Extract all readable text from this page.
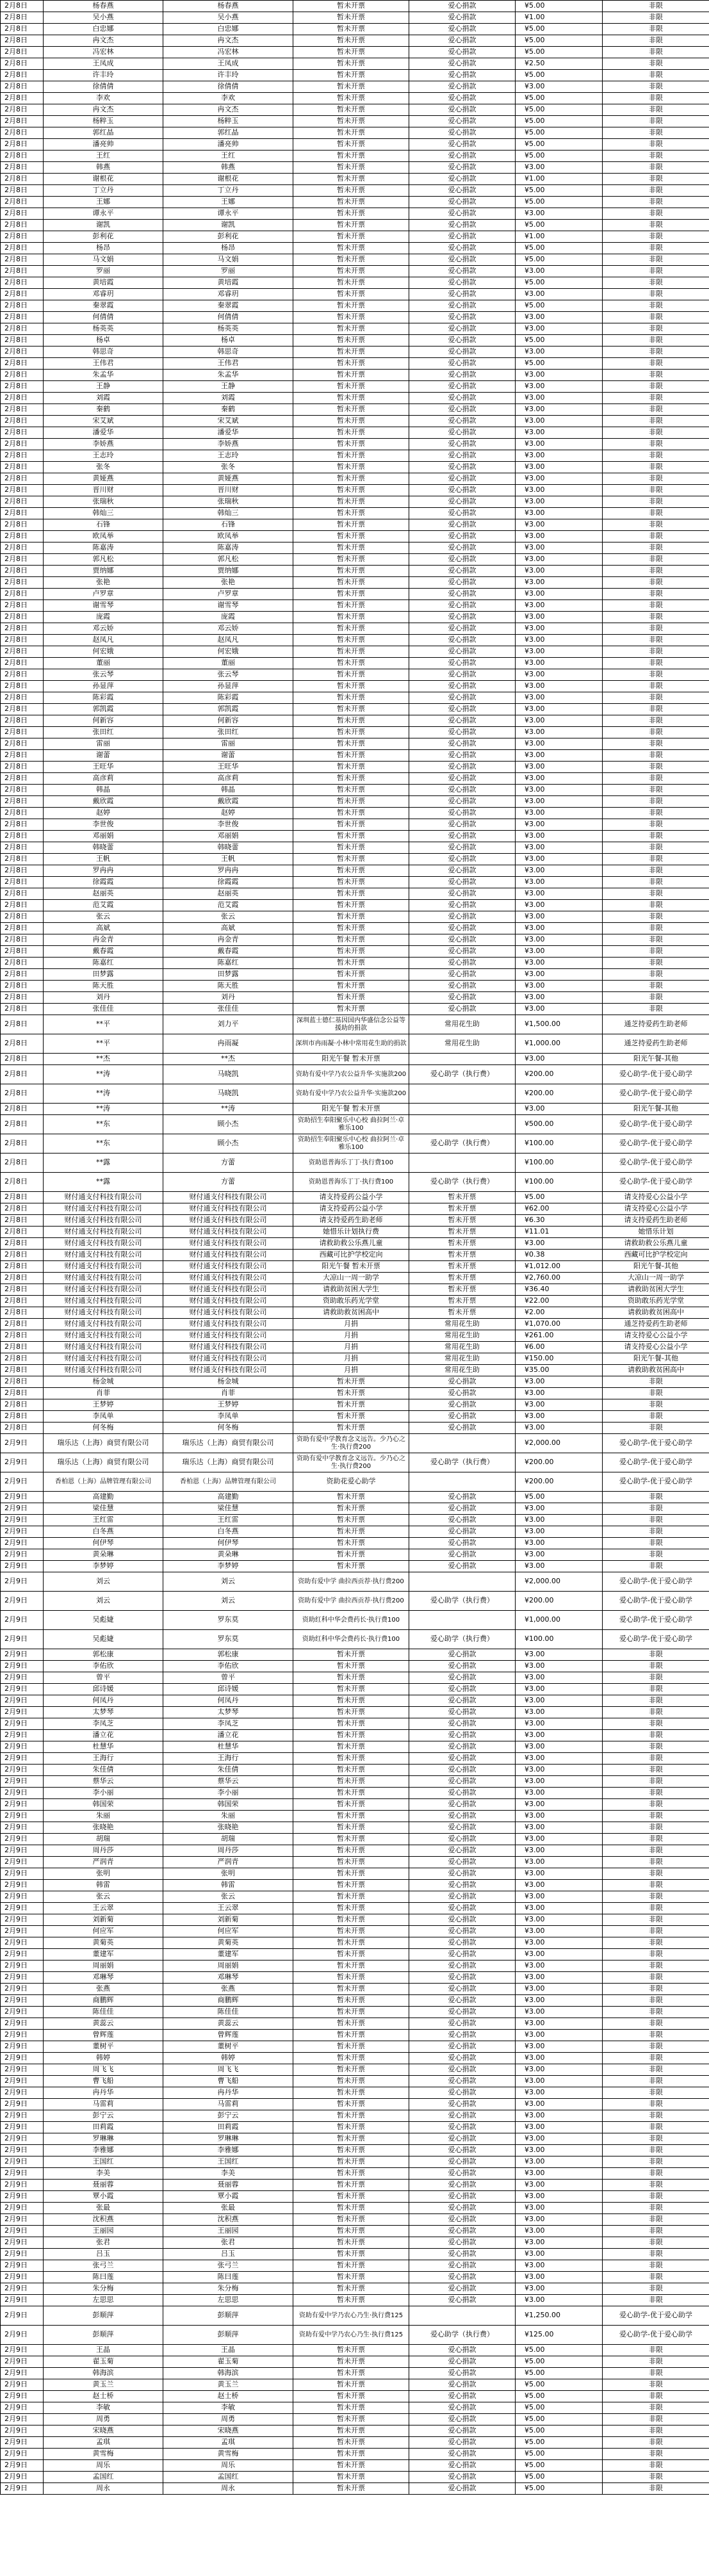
2月8日	杨春燕	杨春燕	暂未开票	爱心捐款	¥5.00	非限
2月8日	吴小燕	吴小燕	暂未开票	爱心捐款	¥1.00	非限
2月8日	白忠娜	白忠娜	暂未开票	爱心捐款	¥5.00	非限
2月8日	冉文杰	冉文杰	暂未开票	爱心捐款	¥5.00	非限
2月8日	冯宏林	冯宏林	暂未开票	爱心捐款	¥5.00	非限
2月8日	王凤成	王凤成	暂未开票	爱心捐款	¥2.50	非限
2月8日	许丰玲	许丰玲	暂未开票	爱心捐款	¥5.00	非限
2月8日	徐倩倩	徐倩倩	暂未开票	爱心捐款	¥3.00	非限
2月8日	李欢	李欢	暂未开票	爱心捐款	¥5.00	非限
2月8日	冉文杰	冉文杰	暂未开票	爱心捐款	¥5.00	非限
2月8日	杨粹玉	杨粹玉	暂未开票	爱心捐款	¥5.00	非限
2月8日	郭红晶	郭红晶	暂未开票	爱心捐款	¥5.00	非限
2月8日	潘亮帅	潘亮帅	暂未开票	爱心捐款	¥5.00	非限
2月8日	王红	王红	暂未开票	爱心捐款	¥5.00	非限
2月8日	韩燕	韩燕	暂未开票	爱心捐款	¥3.00	非限
2月8日	谢根花	谢根花	暂未开票	爱心捐款	¥1.00	非限
2月8日	丁立丹	丁立丹	暂未开票	爱心捐款	¥5.00	非限
2月8日	王娜	王娜	暂未开票	爱心捐款	¥5.00	非限
2月8日	谭永平	谭永平	暂未开票	爱心捐款	¥3.00	非限
2月8日	谢凯	谢凯	暂未开票	爱心捐款	¥5.00	非限
2月8日	彭利花	彭利花	暂未开票	爱心捐款	¥1.00	非限
2月8日	杨昂	杨昂	暂未开票	爱心捐款	¥5.00	非限
2月8日	马文娟	马文娟	暂未开票	爱心捐款	¥5.00	非限
2月8日	罗丽	罗丽	暂未开票	爱心捐款	¥3.00	非限
2月8日	黄培霞	黄培霞	暂未开票	爱心捐款	¥5.00	非限
2月8日	邓睿玥	邓睿玥	暂未开票	爱心捐款	¥3.00	非限
2月8日	秦翠霞	秦翠霞	暂未开票	爱心捐款	¥5.00	非限
2月8日	何倩倩	何倩倩	暂未开票	爱心捐款	¥3.00	非限
2月8日	杨英英	杨英英	暂未开票	爱心捐款	¥3.00	非限
2月8日	杨卓	杨卓	暂未开票	爱心捐款	¥5.00	非限
2月8日	韩思奇	韩思奇	暂未开票	爱心捐款	¥3.00	非限
2月8日	王伟君	王伟君	暂未开票	爱心捐款	¥5.00	非限
2月8日	朱孟华	朱孟华	暂未开票	爱心捐款	¥3.00	非限
2月8日	王静	王静	暂未开票	爱心捐款	¥3.00	非限
2月8日	刘霞	刘霞	暂未开票	爱心捐款	¥3.00	非限
2月8日	秦鹤	秦鹤	暂未开票	爱心捐款	¥3.00	非限
2月8日	宋艾斌	宋艾斌	暂未开票	爱心捐款	¥3.00	非限
2月8日	潘爱华	潘爱华	暂未开票	爱心捐款	¥3.00	非限
2月8日	李娇燕	李娇燕	暂未开票	爱心捐款	¥3.00	非限
2月8日	王志玲	王志玲	暂未开票	爱心捐款	¥3.00	非限
2月8日	张冬	张冬	暂未开票	爱心捐款	¥3.00	非限
2月8日	黄娅燕	黄娅燕	暂未开票	爱心捐款	¥3.00	非限
2月8日	晋川财	晋川财	暂未开票	爱心捐款	¥3.00	非限
2月8日	张瑞秋	张瑞秋	暂未开票	爱心捐款	¥3.00	非限
2月8日	韩灿三	韩灿三	暂未开票	爱心捐款	¥3.00	非限
2月8日	石锋	石锋	暂未开票	爱心捐款	¥3.00	非限
2月8日	欧凤举	欧凤举	暂未开票	爱心捐款	¥3.00	非限
2月8日	陈嘉涛	陈嘉涛	暂未开票	爱心捐款	¥3.00	非限
2月8日	郭凡松	郭凡松	暂未开票	爱心捐款	¥3.00	非限
2月8日	贾纳娜	贾纳娜	暂未开票	爱心捐款	¥3.00	非限
2月8日	张艳	张艳	暂未开票	爱心捐款	¥3.00	非限
2月8日	卢罗章	卢罗章	暂未开票	爱心捐款	¥3.00	非限
2月8日	谢雪琴	谢雪琴	暂未开票	爱心捐款	¥3.00	非限
2月8日	庞霞	庞霞	暂未开票	爱心捐款	¥3.00	非限
2月8日	邓云娇	邓云娇	暂未开票	爱心捐款	¥3.00	非限
2月8日	赵凤凡	赵凤凡	暂未开票	爱心捐款	¥3.00	非限
2月8日	何宏娥	何宏娥	暂未开票	爱心捐款	¥3.00	非限
2月8日	董丽	董丽	暂未开票	爱心捐款	¥3.00	非限
2月8日	张云琴	张云琴	暂未开票	爱心捐款	¥3.00	非限
2月8日	孙显萍	孙显萍	暂未开票	爱心捐款	¥3.00	非限
2月8日	陈彩霞	陈彩霞	暂未开票	爱心捐款	¥3.00	非限
2月8日	郭凯霞	郭凯霞	暂未开票	爱心捐款	¥3.00	非限
2月8日	何新容	何新容	暂未开票	爱心捐款	¥3.00	非限
2月8日	张田红	张田红	暂未开票	爱心捐款	¥3.00	非限
2月8日	雷丽	雷丽	暂未开票	爱心捐款	¥3.00	非限
2月8日	谢蕾	谢蕾	暂未开票	爱心捐款	¥3.00	非限
2月8日	王旺华	王旺华	暂未开票	爱心捐款	¥3.00	非限
2月8日	高彦莉	高彦莉	暂未开票	爱心捐款	¥3.00	非限
2月8日	韩晶	韩晶	暂未开票	爱心捐款	¥3.00	非限
2月8日	戴欣霞	戴欣霞	暂未开票	爱心捐款	¥3.00	非限
2月8日	赵婷	赵婷	暂未开票	爱心捐款	¥3.00	非限
2月8日	李世俊	李世俊	暂未开票	爱心捐款	¥3.00	非限
2月8日	邓丽娟	邓丽娟	暂未开票	爱心捐款	¥3.00	非限
2月8日	韩晓蕾	韩晓蕾	暂未开票	爱心捐款	¥3.00	非限
2月8日	王帆	王帆	暂未开票	爱心捐款	¥3.00	非限
2月8日	罗冉冉	罗冉冉	暂未开票	爱心捐款	¥3.00	非限
2月8日	徐霞霞	徐霞霞	暂未开票	爱心捐款	¥3.00	非限
2月8日	赵丽英	赵丽英	暂未开票	爱心捐款	¥3.00	非限
2月8日	范艾霞	范艾霞	暂未开票	爱心捐款	¥3.00	非限
2月8日	张云	张云	暂未开票	爱心捐款	¥3.00	非限
2月8日	高斌	高斌	暂未开票	爱心捐款	¥3.00	非限
2月8日	冉金青	冉金青	暂未开票	爱心捐款	¥3.00	非限
2月8日	戴春霞	戴春霞	暂未开票	爱心捐款	¥3.00	非限
2月8日	陈嘉红	陈嘉红	暂未开票	爱心捐款	¥3.00	非限
2月8日	田梦露	田梦露	暂未开票	爱心捐款	¥3.00	非限
2月8日	陈天胜	陈天胜	暂未开票	爱心捐款	¥3.00	非限
2月8日	刘丹	刘丹	暂未开票	爱心捐款	¥3.00	非限
2月8日	张佳佳	张佳佳	暂未开票	爱心捐款	¥3.00	非限
2月8日	**平	刘力平	深圳蓝士德仁基因国内华盛信念公益等援助的捐款	常用花生助	¥1,500.00	通芝持爱药生助老师
2月8日	**平	冉雨凝	深圳市冉雨凝·小林中常用花生助的捐款	常用花生助	¥1,000.00	通芝持爱药生助老师
2月8日	**杰	**杰	阳光午餐 暂未开票		¥3.00	阳光午餐-其他
2月8日	**涛	马晓凯	资助有爱中学乃农公益升华·实施款200	爱心助学（执行费）	¥200.00	爱心助学-优于爱心助学
2月8日	**涛	马晓凯	资助有爱中学乃农公益升华·实施款200		¥200.00	爱心助学-优于爱心助学
2月8日	**涛	**涛	阳光午餐 暂未开票		¥3.00	阳光午餐-其他
2月8日	**东	顾小杰	资助招生奉阳聚乐中心校 曲拉阿兰·卓雅乐100		¥500.00	爱心助学-优于爱心助学
2月8日	**东	顾小杰	资助招生奉阳聚乐中心校 曲拉阿兰·卓雅乐100	爱心助学（执行费）	¥100.00	爱心助学-优于爱心助学
2月8日	**露	方蕾	资助恩普海乐丁丁·执行费100		¥100.00	爱心助学-优于爱心助学
2月8日	**露	方蕾	资助恩普海乐丁丁·执行费100	爱心助学（执行费）	¥100.00	爱心助学-优于爱心助学
2月8日	财付通支付科技有限公司	财付通支付科技有限公司	请支持爱药公益小学	暂未开票	¥5.00	请支持爱心公益小学
2月8日	财付通支付科技有限公司	财付通支付科技有限公司	请支持爱药公益小学	暂未开票	¥62.00	请支持爱心公益小学
2月8日	财付通支付科技有限公司	财付通支付科技有限公司	请支持爱药生助老师	暂未开票	¥6.30	请支持爱药生助老师
2月8日	财付通支付科技有限公司	财付通支付科技有限公司	她惜乐计划执行费	暂未开票	¥11.01	她惜乐计划
2月8日	财付通支付科技有限公司	财付通支付科技有限公司	请救助救公乐燕儿童	暂未开票	¥3.00	请救助救公乐燕儿童
2月8日	财付通支付科技有限公司	财付通支付科技有限公司	西藏可比护学校定向	暂未开票	¥0.38	西藏可比护学校定向
2月8日	财付通支付科技有限公司	财付通支付科技有限公司	阳光午餐 暂未开票	暂未开票	¥1,012.00	阳光午餐-其他
2月8日	财付通支付科技有限公司	财付通支付科技有限公司	大凉山一周一助学	暂未开票	¥2,760.00	大凉山一周一助学
2月8日	财付通支付科技有限公司	财付通支付科技有限公司	请救助贫困大学生	暂未开票	¥36.40	请救助贫困大学生
2月8日	财付通支付科技有限公司	财付通支付科技有限公司	资助敢乐药光学堂	暂未开票	¥22.00	资助敢乐药光学堂
2月8日	财付通支付科技有限公司	财付通支付科技有限公司	请救助救贫困高中	暂未开票	¥2.00	请救助救贫困高中
2月8日	财付通支付科技有限公司	财付通支付科技有限公司	月捐	常用花生助	¥1,070.00	通芝持爱药生助老师
2月8日	财付通支付科技有限公司	财付通支付科技有限公司	月捐	常用花生助	¥261.00	请支持爱心公益小学
2月8日	财付通支付科技有限公司	财付通支付科技有限公司	月捐	常用花生助	¥6.00	请支持爱心公益小学
2月8日	财付通支付科技有限公司	财付通支付科技有限公司	月捐	常用花生助	¥150.00	阳光午餐-其他
2月8日	财付通支付科技有限公司	财付通支付科技有限公司	月捐	常用花生助	¥35.00	请救助救贫困高中
2月8日	杨金城	杨金城	暂未开票	爱心捐款	¥3.00	非限
2月8日	肖菲	肖菲	暂未开票	爱心捐款	¥3.00	非限
2月8日	王梦婷	王梦婷	暂未开票	爱心捐款	¥3.00	非限
2月8日	李凤单	李凤单	暂未开票	爱心捐款	¥3.00	非限
2月8日	何冬梅	何冬梅	暂未开票	爱心捐款	¥3.00	非限
2月9日	瑞乐达（上海）商贸有限公司	瑞乐达（上海）商贸有限公司	资助有爱中学教育念义远告。少乃心之生·执行费200		¥2,000.00	爱心助学-优于爱心助学
2月9日	瑞乐达（上海）商贸有限公司	瑞乐达（上海）商贸有限公司	资助有爱中学教育念义远告。少乃心之生·执行费200	爱心助学（执行费）	¥200.00	爱心助学-优于爱心助学
2月9日	香柏恩（上海）品牌管理有限公司	香柏恩（上海）品牌管理有限公司	资助花爱心助学		¥200.00	爱心助学-优于爱心助学
2月9日	高建勤	高建勤	暂未开票	爱心捐款	¥5.00	非限
2月9日	梁佳慧	梁佳慧	暂未开票	爱心捐款	¥3.00	非限
2月9日	王红雷	王红雷	暂未开票	爱心捐款	¥3.00	非限
2月9日	白冬燕	白冬燕	暂未开票	爱心捐款	¥3.00	非限
2月9日	何伊琴	何伊琴	暂未开票	爱心捐款	¥3.00	非限
2月9日	黄朵琳	黄朵琳	暂未开票	爱心捐款	¥3.00	非限
2月9日	李梦婷	李梦婷	暂未开票	爱心捐款	¥3.00	非限
2月9日	刘云	刘云	资助有爱中学 曲拉西贡荐·执行费200		¥2,000.00	爱心助学-优于爱心助学
2月9日	刘云	刘云	资助有爱中学 曲拉西贡荐·执行费200	爱心助学（执行费）	¥200.00	爱心助学-优于爱心助学
2月9日	吴彪婕	罗东莫	资助红科中华会费药长·执行费100		¥1,000.00	爱心助学-优于爱心助学
2月9日	吴彪婕	罗东莫	资助红科中华会费药长·执行费100	爱心助学（执行费）	¥100.00	爱心助学-优于爱心助学
2月9日	郭松康	郭松康	暂未开票	爱心捐款	¥3.00	非限
2月9日	李佑欣	李佑欣	暂未开票	爱心捐款	¥3.00	非限
2月9日	曾平	曾平	暂未开票	爱心捐款	¥3.00	非限
2月9日	邱诗媛	邱诗媛	暂未开票	爱心捐款	¥3.00	非限
2月9日	何凤丹	何凤丹	暂未开票	爱心捐款	¥3.00	非限
2月9日	太梦琴	太梦琴	暂未开票	爱心捐款	¥3.00	非限
2月9日	李凤芝	李凤芝	暂未开票	爱心捐款	¥3.00	非限
2月9日	潘立花	潘立花	暂未开票	爱心捐款	¥3.00	非限
2月9日	杜慧华	杜慧华	暂未开票	爱心捐款	¥3.00	非限
2月9日	王海行	王海行	暂未开票	爱心捐款	¥3.00	非限
2月9日	朱佳倩	朱佳倩	暂未开票	爱心捐款	¥3.00	非限
2月9日	蔡华云	蔡华云	暂未开票	爱心捐款	¥3.00	非限
2月9日	李小丽	李小丽	暂未开票	爱心捐款	¥3.00	非限
2月9日	韩国荣	韩国荣	暂未开票	爱心捐款	¥3.00	非限
2月9日	朱丽	朱丽	暂未开票	爱心捐款	¥3.00	非限
2月9日	张晓艳	张晓艳	暂未开票	爱心捐款	¥3.00	非限
2月9日	胡瑞	胡瑞	暂未开票	爱心捐款	¥3.00	非限
2月9日	周丹莎	周丹莎	暂未开票	爱心捐款	¥3.00	非限
2月9日	严润青	严润青	暂未开票	爱心捐款	¥3.00	非限
2月9日	张明	张明	暂未开票	爱心捐款	¥3.00	非限
2月9日	韩雷	韩雷	暂未开票	爱心捐款	¥3.00	非限
2月9日	张云	张云	暂未开票	爱心捐款	¥3.00	非限
2月9日	王云翠	王云翠	暂未开票	爱心捐款	¥3.00	非限
2月9日	刘新菊	刘新菊	暂未开票	爱心捐款	¥3.00	非限
2月9日	何应军	何应军	暂未开票	爱心捐款	¥3.00	非限
2月9日	黄菊英	黄菊英	暂未开票	爱心捐款	¥3.00	非限
2月9日	董建军	董建军	暂未开票	爱心捐款	¥3.00	非限
2月9日	周丽娟	周丽娟	暂未开票	爱心捐款	¥3.00	非限
2月9日	邓琳琴	邓琳琴	暂未开票	爱心捐款	¥3.00	非限
2月9日	张燕	张燕	暂未开票	爱心捐款	¥3.00	非限
2月9日	商鹏辉	商鹏辉	暂未开票	爱心捐款	¥3.00	非限
2月9日	陈佳佳	陈佳佳	暂未开票	爱心捐款	¥3.00	非限
2月9日	黄蕊云	黄蕊云	暂未开票	爱心捐款	¥3.00	非限
2月9日	曾辉莲	曾辉莲	暂未开票	爱心捐款	¥3.00	非限
2月9日	董树平	董树平	暂未开票	爱心捐款	¥3.00	非限
2月9日	韩婷	韩婷	暂未开票	爱心捐款	¥3.00	非限
2月9日	周飞飞	周飞飞	暂未开票	爱心捐款	¥3.00	非限
2月9日	曹飞船	曹飞船	暂未开票	爱心捐款	¥3.00	非限
2月9日	冉丹华	冉丹华	暂未开票	爱心捐款	¥3.00	非限
2月9日	马雷莉	马雷莉	暂未开票	爱心捐款	¥3.00	非限
2月9日	彭宁云	彭宁云	暂未开票	爱心捐款	¥3.00	非限
2月9日	田莉霞	田莉霞	暂未开票	爱心捐款	¥3.00	非限
2月9日	罗琳琳	罗琳琳	暂未开票	爱心捐款	¥3.00	非限
2月9日	李雅娜	李雅娜	暂未开票	爱心捐款	¥3.00	非限
2月9日	王国红	王国红	暂未开票	爱心捐款	¥3.00	非限
2月9日	李美	李美	暂未开票	爱心捐款	¥3.00	非限
2月9日	聂丽蓉	聂丽蓉	暂未开票	爱心捐款	¥3.00	非限
2月9日	覃小霞	覃小霞	暂未开票	爱心捐款	¥3.00	非限
2月9日	张最	张最	暂未开票	爱心捐款	¥3.00	非限
2月9日	沈积燕	沈积燕	暂未开票	爱心捐款	¥3.00	非限
2月9日	王丽园	王丽园	暂未开票	爱心捐款	¥3.00	非限
2月9日	张君	张君	暂未开票	爱心捐款	¥3.00	非限
2月9日	吕玉	吕玉	暂未开票	爱心捐款	¥3.00	非限
2月9日	张弓兰	张弓兰	暂未开票	爱心捐款	¥3.00	非限
2月9日	陈曰莲	陈曰莲	暂未开票	爱心捐款	¥3.00	非限
2月9日	朱分梅	朱分梅	暂未开票	爱心捐款	¥3.00	非限
2月9日	左思思	左思思	暂未开票	爱心捐款	¥3.00	非限
2月9日	彭顺萍	彭顺萍	资助有爱中学乃农心乃生·执行费125		¥1,250.00	爱心助学-优于爱心助学
2月9日	彭顺萍	彭顺萍	资助有爱中学乃农心乃生·执行费125	爱心助学（执行费）	¥125.00	爱心助学-优于爱心助学
2月9日	王晶	王晶	暂未开票	爱心捐款	¥5.00	非限
2月9日	翟玉菊	翟玉菊	暂未开票	爱心捐款	¥5.00	非限
2月9日	韩海滨	韩海滨	暂未开票	爱心捐款	¥5.00	非限
2月9日	黄玉兰	黄玉兰	暂未开票	爱心捐款	¥5.00	非限
2月9日	赵士桥	赵士桥	暂未开票	爱心捐款	¥5.00	非限
2月9日	李敏	李敏	暂未开票	爱心捐款	¥5.00	非限
2月9日	周勇	周勇	暂未开票	爱心捐款	¥5.00	非限
2月9日	宋晓燕	宋晓燕	暂未开票	爱心捐款	¥5.00	非限
2月9日	孟琪	孟琪	暂未开票	爱心捐款	¥5.00	非限
2月9日	黄雪梅	黄雪梅	暂未开票	爱心捐款	¥5.00	非限
2月9日	周乐	周乐	暂未开票	爱心捐款	¥5.00	非限
2月9日	孟国红	孟国红	暂未开票	爱心捐款	¥5.00	非限
2月9日	周永	周永	暂未开票	爱心捐款	¥5.00	非限
